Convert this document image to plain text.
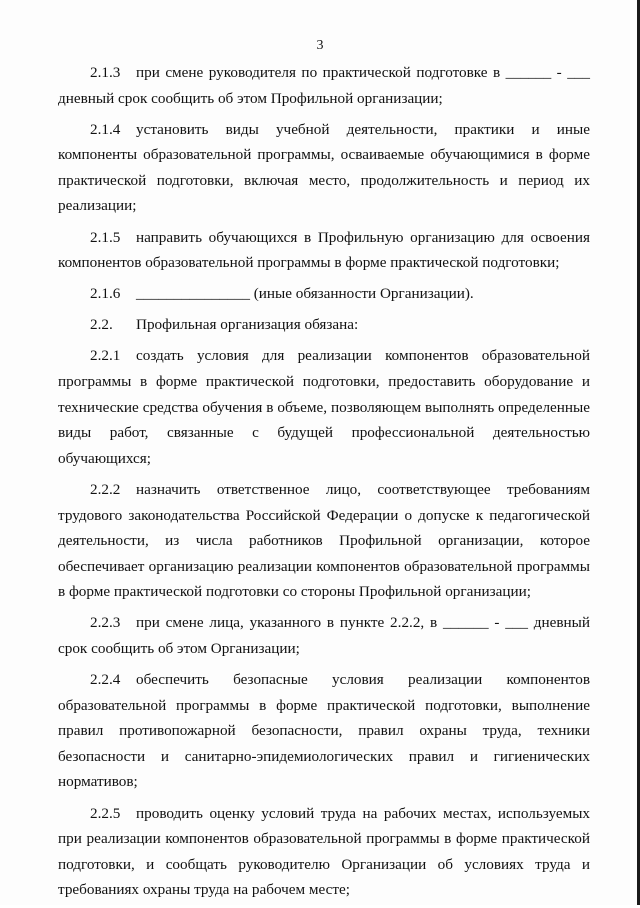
3

2.1.3 при смене руководителя по практической подготовке в ______ - ___ дневный срок сообщить об этом Профильной организации;

2.1.4 установить виды учебной деятельности, практики и иные компоненты образовательной программы, осваиваемые обучающимися в форме практической подготовки, включая место, продолжительность и период их реализации;

2.1.5 направить обучающихся в Профильную организацию для освоения компонентов образовательной программы в форме практической подготовки;

2.1.6 _______________ (иные обязанности Организации).

2.2. Профильная организация обязана:

2.2.1 создать условия для реализации компонентов образовательной программы в форме практической подготовки, предоставить оборудование и технические средства обучения в объеме, позволяющем выполнять определенные виды работ, связанные с будущей профессиональной деятельностью обучающихся;

2.2.2 назначить ответственное лицо, соответствующее требованиям трудового законодательства Российской Федерации о допуске к педагогической деятельности, из числа работников Профильной организации, которое обеспечивает организацию реализации компонентов образовательной программы в форме практической подготовки со стороны Профильной организации;

2.2.3 при смене лица, указанного в пункте 2.2.2, в ______ - ___ дневный срок сообщить об этом Организации;

2.2.4 обеспечить безопасные условия реализации компонентов образовательной программы в форме практической подготовки, выполнение правил противопожарной безопасности, правил охраны труда, техники безопасности и санитарно-эпидемиологических правил и гигиенических нормативов;

2.2.5 проводить оценку условий труда на рабочих местах, используемых при реализации компонентов образовательной программы в форме практической подготовки, и сообщать руководителю Организации об условиях труда и требованиях охраны труда на рабочем месте;
